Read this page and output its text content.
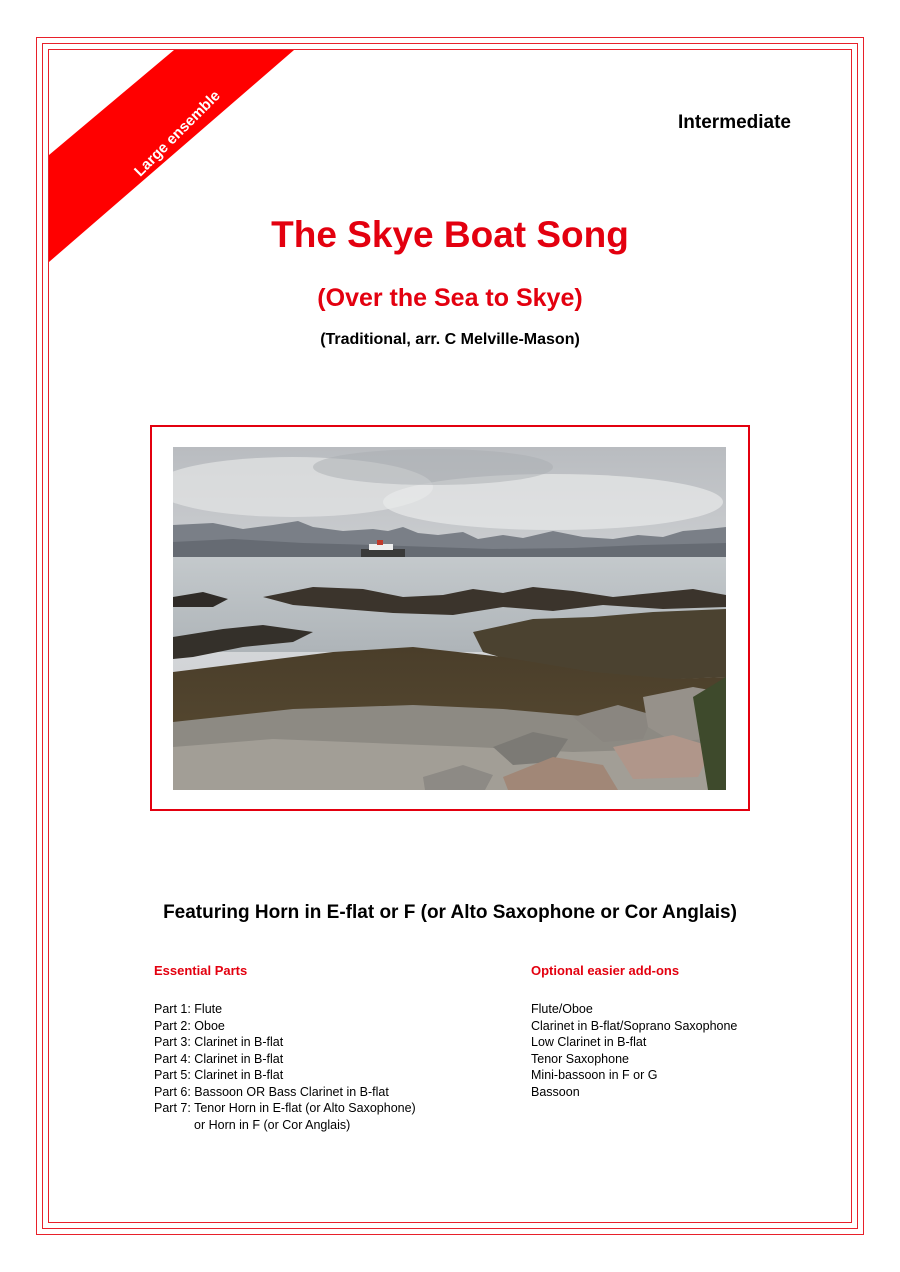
Large ensemble	Intermediate
The Skye Boat Song
(Over the Sea to Skye)
(Traditional, arr. C Melville-Mason)
Featuring Horn in E-flat or F (or Alto Saxophone or Cor Anglais)
Essential Parts	Optional easier add-ons
Part 1: Flute
Part 2: Oboe
Part 3: Clarinet in B-flat
Part 4: Clarinet in B-flat
Part 5: Clarinet in B-flat
Part 6: Bassoon OR Bass Clarinet in B-flat
Part 7: Tenor Horn in E-flat (or Alto Saxophone)
or Horn in F (or Cor Anglais)
Flute/Oboe
Clarinet in B-flat/Soprano Saxophone
Low Clarinet in B-flat
Tenor Saxophone
Mini-bassoon in F or G
Bassoon
